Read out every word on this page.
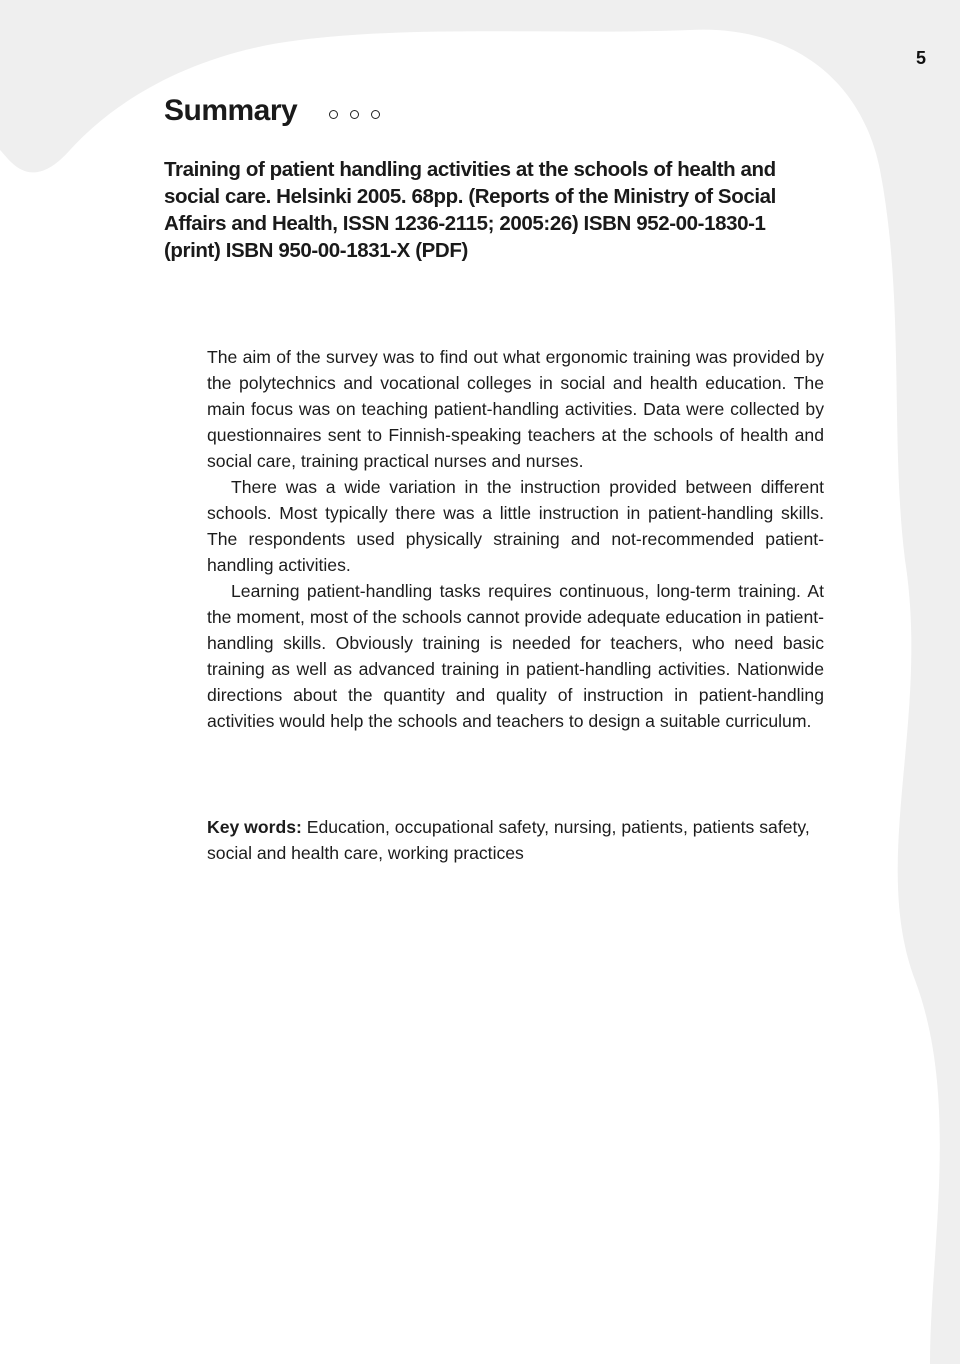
5
Summary

Training of patient handling activities at the schools of health and social care. Helsinki 2005. 68pp. (Reports of the Ministry of Social Affairs and Health, ISSN 1236-2115; 2005:26) ISBN 952-00-1830-1 (print) ISBN 950-00-1831-X (PDF)

The aim of the survey was to find out what ergonomic training was provided by the polytechnics and vocational colleges in social and health education. The main focus was on teaching patient-handling activities. Data were collected by questionnaires sent to Finnish-speaking teachers at the schools of health and social care, training practical nurses and nurses.

There was a wide variation in the instruction provided between different schools. Most typically there was a little instruction in patient-handling skills. The respondents used physically straining and not-recommended patient-handling activities.

Learning patient-handling tasks requires continuous, long-term training. At the moment, most of the schools cannot provide adequate education in patient-handling skills. Obviously training is needed for teachers, who need basic training as well as advanced training in patient-handling activities. Nationwide directions about the quantity and quality of instruction in patient-handling activities would help the schools and teachers to design a suitable curriculum.

Key words: Education, occupational safety, nursing, patients, patients safety, social and health care, working practices
